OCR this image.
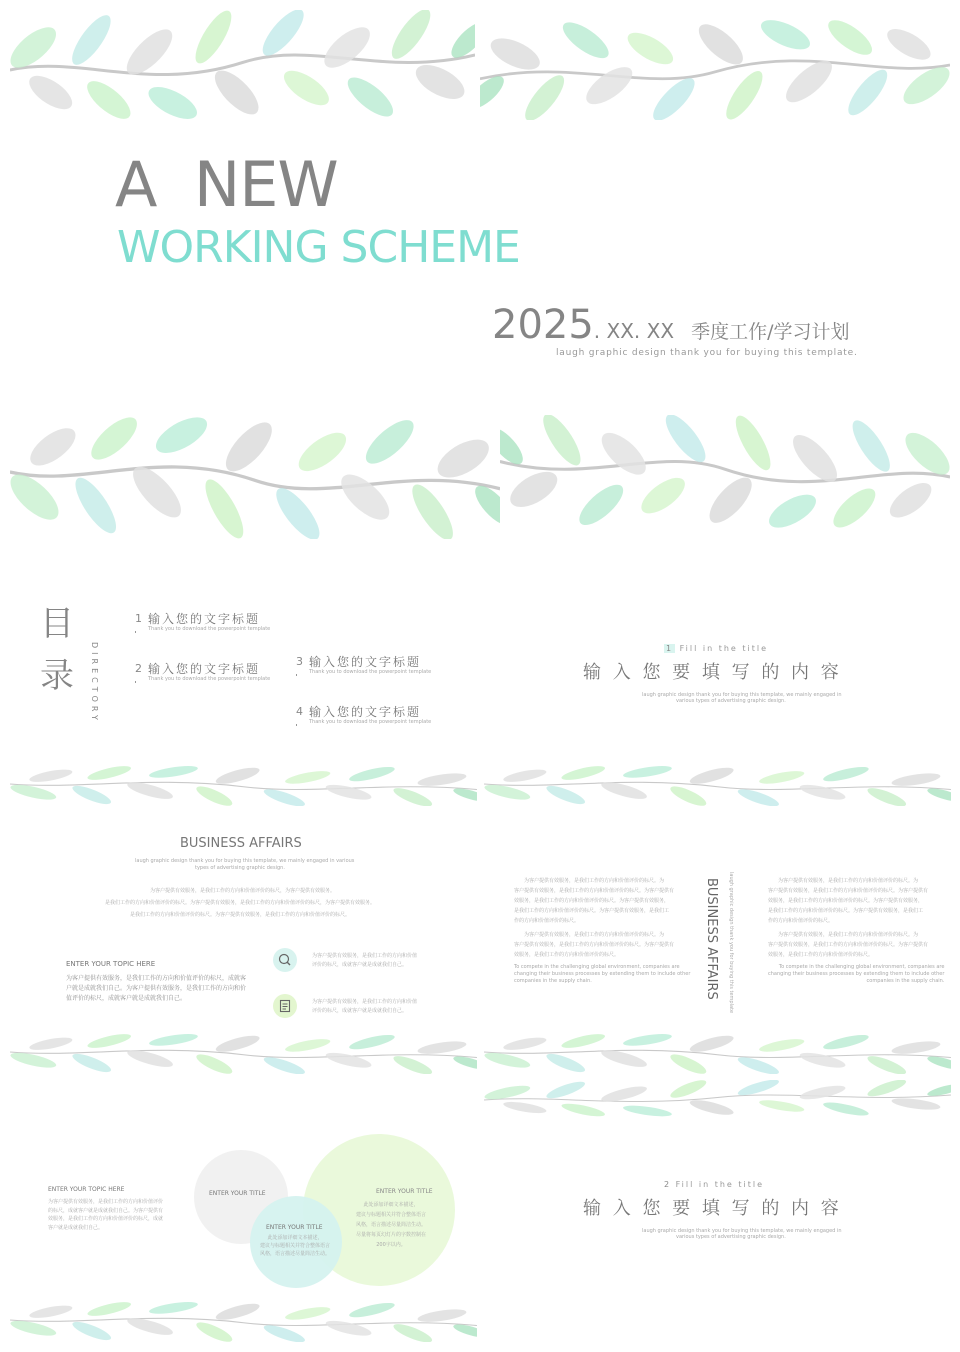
A  NEW
WORKING SCHEME
2025. XX. XX 季度工作/学习计划
laugh graphic design thank you for buying this template.
目
录 DIRECTORY
1 输入您的文字标题
Thank you to download the powerpoint template
2 输入您的文字标题
Thank you to download the powerpoint template
3 输入您的文字标题
Thank you to download the powerpoint template
4 输入您的文字标题
Thank you to download the powerpoint template
1 Fill in the title
输 入 您 要 填 写 的 内 容
laugh graphic design thank you for buying this template, we mainly engaged in
various types of advertising graphic design.
BUSINESS AFFAIRS
laugh graphic design thank you for buying this template, we mainly engaged in various
types of advertising graphic design.
为客户提供有效服务，是我们工作的方向和价值评价的标尺，为客户提供有效服务。
是我们工作的方向和价值评价的标尺。为客户提供有效服务，是我们工作的方向和价值评价的标尺，为客户提供有效服务。
是我们工作的方向和价值评价的标尺。为客户提供有效服务，是我们工作的方向和价值评价的标尺。
ENTER YOUR TOPIC HERE
为客户提供有效服务，是我们工作的方向和价值评价的标尺，成就客
户就是成就我们自己。为客户提供有效服务，是我们工作的方向和价
值评价的标尺，成就客户就是成就我们自己。
为客户提供有效服务，是我们工作的方向和价值
评价的标尺，成就客户就是成就我们自己。
为客户提供有效服务，是我们工作的方向和价值
评价的标尺，成就客户就是成就我们自己。
为客户提供有效服务，是我们工作的方向和价值评价的标尺。为
客户提供有效服务，是我们工作的方向和价值评价的标尺。为客户提供有
效服务，是我们工作的方向和价值评价的标尺。为客户提供有效服务，
是我们工作的方向和价值评价的标尺。为客户提供有效服务，是我们工
作的方向和价值评价的标尺。
为客户提供有效服务，是我们工作的方向和价值评价的标尺。为
客户提供有效服务，是我们工作的方向和价值评价的标尺。为客户提供有
效服务，是我们工作的方向和价值评价的标尺。
To compete in the challenging global environment, companies are
changing their business processes by extending them to include other
companies in the supply chain.	BUSINESS AFFAIRS laugh graphic design thank you for buying this template	为客户提供有效服务，是我们工作的方向和价值评价的标尺。为
客户提供有效服务，是我们工作的方向和价值评价的标尺。为客户提供有
效服务，是我们工作的方向和价值评价的标尺。为客户提供有效服务，
是我们工作的方向和价值评价的标尺。为客户提供有效服务，是我们工
作的方向和价值评价的标尺。
为客户提供有效服务，是我们工作的方向和价值评价的标尺。为
客户提供有效服务，是我们工作的方向和价值评价的标尺。为客户提供有
效服务，是我们工作的方向和价值评价的标尺。
To compete in the challenging global environment, companies are
changing their business processes by extending them to include other
companies in the supply chain.
ENTER YOUR TOPIC HERE
为客户提供有效服务，是我们工作的方向和价值评价
的标尺，成就客户就是成就我们自己。为客户提供有
效服务，是我们工作的方向和价值评价的标尺，成就
客户就是成就我们自己。
ENTER YOUR TITLE	ENTER YOUR TITLE
此处添加详细文本描述，
建议与标题相关并符合整体语言
风格，语言描述尽量简洁生动。
尽量将每页幻灯片的字数控制在
200字以内。
ENTER YOUR TITLE
此处添加详细文本描述，
建议与标题相关并符合整体语言
风格，语言描述尽量简洁生动。
2 Fill in the title
输 入 您 要 填 写 的 内 容
laugh graphic design thank you for buying this template, we mainly engaged in
various types of advertising graphic design.
